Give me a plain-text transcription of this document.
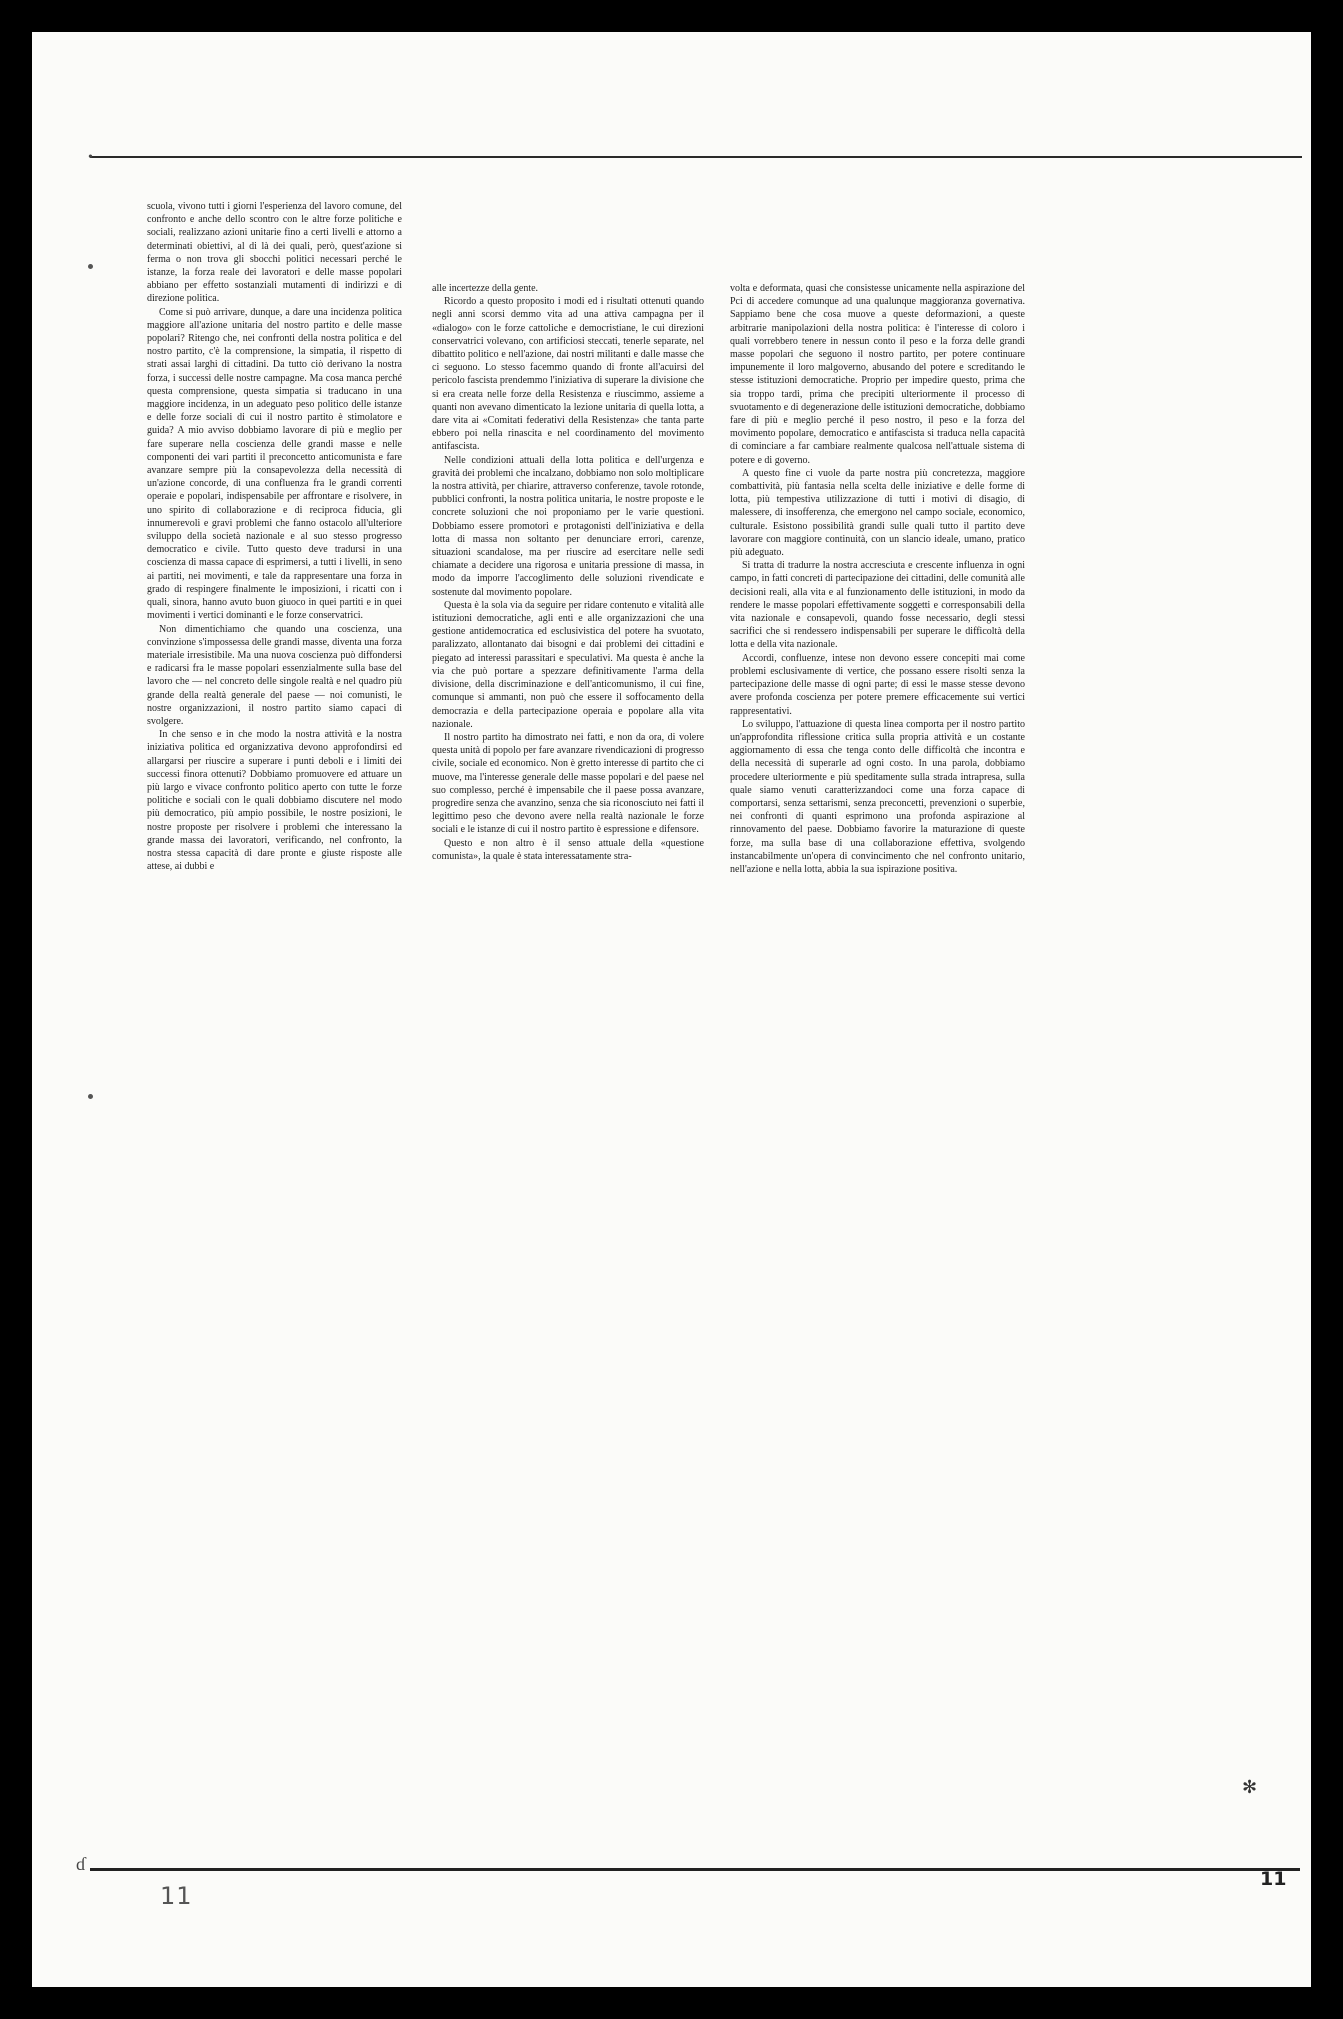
•

scuola, vivono tutti i giorni l'esperienza del lavoro comune, del confronto e anche dello scontro con le altre forze politiche e sociali, realizzano azioni unitarie fino a certi livelli e attorno a determinati obiettivi, al di là dei quali, però, quest'azione si ferma o non trova gli sbocchi politici necessari perché le istanze, la forza reale dei lavoratori e delle masse popolari abbiano per effetto sostanziali mutamenti di indirizzi e di direzione politica.

Come si può arrivare, dunque, a dare una incidenza politica maggiore all'azione unitaria del nostro partito e delle masse popolari? Ritengo che, nei confronti della nostra politica e del nostro partito, c'è la comprensione, la simpatia, il rispetto di strati assai larghi di cittadini. Da tutto ciò derivano la nostra forza, i successi delle nostre campagne. Ma cosa manca perché questa comprensione, questa simpatia si traducano in una maggiore incidenza, in un adeguato peso politico delle istanze e delle forze sociali di cui il nostro partito è stimolatore e guida? A mio avviso dobbiamo lavorare di più e meglio per fare superare nella coscienza delle grandi masse e nelle componenti dei vari partiti il preconcetto anticomunista e fare avanzare sempre più la consapevolezza della necessità di un'azione concorde, di una confluenza fra le grandi correnti operaie e popolari, indispensabile per affrontare e risolvere, in uno spirito di collaborazione e di reciproca fiducia, gli innumerevoli e gravi problemi che fanno ostacolo all'ulteriore sviluppo della società nazionale e al suo stesso progresso democratico e civile. Tutto questo deve tradursi in una coscienza di massa capace di esprimersi, a tutti i livelli, in seno ai partiti, nei movimenti, e tale da rappresentare una forza in grado di respingere finalmente le imposizioni, i ricatti con i quali, sinora, hanno avuto buon giuoco in quei partiti e in quei movimenti i vertici dominanti e le forze conservatrici.

Non dimentichiamo che quando una coscienza, una convinzione s'impossessa delle grandi masse, diventa una forza materiale irresistibile. Ma una nuova coscienza può diffondersi e radicarsi fra le masse popolari essenzialmente sulla base del lavoro che — nel concreto delle singole realtà e nel quadro più grande della realtà generale del paese — noi comunisti, le nostre organizzazioni, il nostro partito siamo capaci di svolgere.

In che senso e in che modo la nostra attività e la nostra iniziativa politica ed organizzativa devono approfondirsi ed allargarsi per riuscire a superare i punti deboli e i limiti dei successi finora ottenuti? Dobbiamo promuovere ed attuare un più largo e vivace confronto politico aperto con tutte le forze politiche e sociali con le quali dobbiamo discutere nel modo più democratico, più ampio possibile, le nostre posizioni, le nostre proposte per risolvere i problemi che interessano la grande massa dei lavoratori, verificando, nel confronto, la nostra stessa capacità di dare pronte e giuste risposte alle attese, ai dubbi e

alle incertezze della gente.

Ricordo a questo proposito i modi ed i risultati ottenuti quando negli anni scorsi demmo vita ad una attiva campagna per il «dialogo» con le forze cattoliche e democristiane, le cui direzioni conservatrici volevano, con artificiosi steccati, tenerle separate, nel dibattito politico e nell'azione, dai nostri militanti e dalle masse che ci seguono. Lo stesso facemmo quando di fronte all'acuirsi del pericolo fascista prendemmo l'iniziativa di superare la divisione che si era creata nelle forze della Resistenza e riuscimmo, assieme a quanti non avevano dimenticato la lezione unitaria di quella lotta, a dare vita ai «Comitati federativi della Resistenza» che tanta parte ebbero poi nella rinascita e nel coordinamento del movimento antifascista.

Nelle condizioni attuali della lotta politica e dell'urgenza e gravità dei problemi che incalzano, dobbiamo non solo moltiplicare la nostra attività, per chiarire, attraverso conferenze, tavole rotonde, pubblici confronti, la nostra politica unitaria, le nostre proposte e le concrete soluzioni che noi proponiamo per le varie questioni. Dobbiamo essere promotori e protagonisti dell'iniziativa e della lotta di massa non soltanto per denunciare errori, carenze, situazioni scandalose, ma per riuscire ad esercitare nelle sedi chiamate a decidere una rigorosa e unitaria pressione di massa, in modo da imporre l'accoglimento delle soluzioni rivendicate e sostenute dal movimento popolare.

Questa è la sola via da seguire per ridare contenuto e vitalità alle istituzioni democratiche, agli enti e alle organizzazioni che una gestione antidemocratica ed esclusivistica del potere ha svuotato, paralizzato, allontanato dai bisogni e dai problemi dei cittadini e piegato ad interessi parassitari e speculativi. Ma questa è anche la via che può portare a spezzare definitivamente l'arma della divisione, della discriminazione e dell'anticomunismo, il cui fine, comunque si ammanti, non può che essere il soffocamento della democrazia e della partecipazione operaia e popolare alla vita nazionale.

Il nostro partito ha dimostrato nei fatti, e non da ora, di volere questa unità di popolo per fare avanzare rivendicazioni di progresso civile, sociale ed economico. Non è gretto interesse di partito che ci muove, ma l'interesse generale delle masse popolari e del paese nel suo complesso, perché è impensabile che il paese possa avanzare, progredire senza che avanzino, senza che sia riconosciuto nei fatti il legittimo peso che devono avere nella realtà nazionale le forze sociali e le istanze di cui il nostro partito è espressione e difensore.

Questo e non altro è il senso attuale della «questione comunista», la quale è stata interessatamente stra-

volta e deformata, quasi che consistesse unicamente nella aspirazione del Pci di accedere comunque ad una qualunque maggioranza governativa. Sappiamo bene che cosa muove a queste deformazioni, a queste arbitrarie manipolazioni della nostra politica: è l'interesse di coloro i quali vorrebbero tenere in nessun conto il peso e la forza delle grandi masse popolari che seguono il nostro partito, per potere continuare impunemente il loro malgoverno, abusando del potere e screditando le stesse istituzioni democratiche. Proprio per impedire questo, prima che sia troppo tardi, prima che precipiti ulteriormente il processo di svuotamento e di degenerazione delle istituzioni democratiche, dobbiamo fare di più e meglio perché il peso nostro, il peso e la forza del movimento popolare, democratico e antifascista si traduca nella capacità di cominciare a far cambiare realmente qualcosa nell'attuale sistema di potere e di governo.

A questo fine ci vuole da parte nostra più concretezza, maggiore combattività, più fantasia nella scelta delle iniziative e delle forme di lotta, più tempestiva utilizzazione di tutti i motivi di disagio, di malessere, di insofferenza, che emergono nel campo sociale, economico, culturale. Esistono possibilità grandi sulle quali tutto il partito deve lavorare con maggiore continuità, con un slancio ideale, umano, pratico più adeguato.

Si tratta di tradurre la nostra accresciuta e crescente influenza in ogni campo, in fatti concreti di partecipazione dei cittadini, delle comunità alle decisioni reali, alla vita e al funzionamento delle istituzioni, in modo da rendere le masse popolari effettivamente soggetti e corresponsabili della vita nazionale e consapevoli, quando fosse necessario, degli stessi sacrifici che si rendessero indispensabili per superare le difficoltà della lotta e della vita nazionale.

Accordi, confluenze, intese non devono essere concepiti mai come problemi esclusivamente di vertice, che possano essere risolti senza la partecipazione delle masse di ogni parte; di essi le masse stesse devono avere profonda coscienza per potere premere efficacemente sui vertici rappresentativi.

Lo sviluppo, l'attuazione di questa linea comporta per il nostro partito un'approfondita riflessione critica sulla propria attività e un costante aggiornamento di essa che tenga conto delle difficoltà che incontra e della necessità di superarle ad ogni costo. In una parola, dobbiamo procedere ulteriormente e più speditamente sulla strada intrapresa, sulla quale siamo venuti caratterizzandoci come una forza capace di comportarsi, senza settarismi, senza preconcetti, prevenzioni o superbie, nei confronti di quanti esprimono una profonda aspirazione al rinnovamento del paese. Dobbiamo favorire la maturazione di queste forze, ma sulla base di una collaborazione effettiva, svolgendo instancabilmente un'opera di convincimento che nel confronto unitario, nell'azione e nella lotta, abbia la sua ispirazione positiva.

✻
ɗ
11
11
